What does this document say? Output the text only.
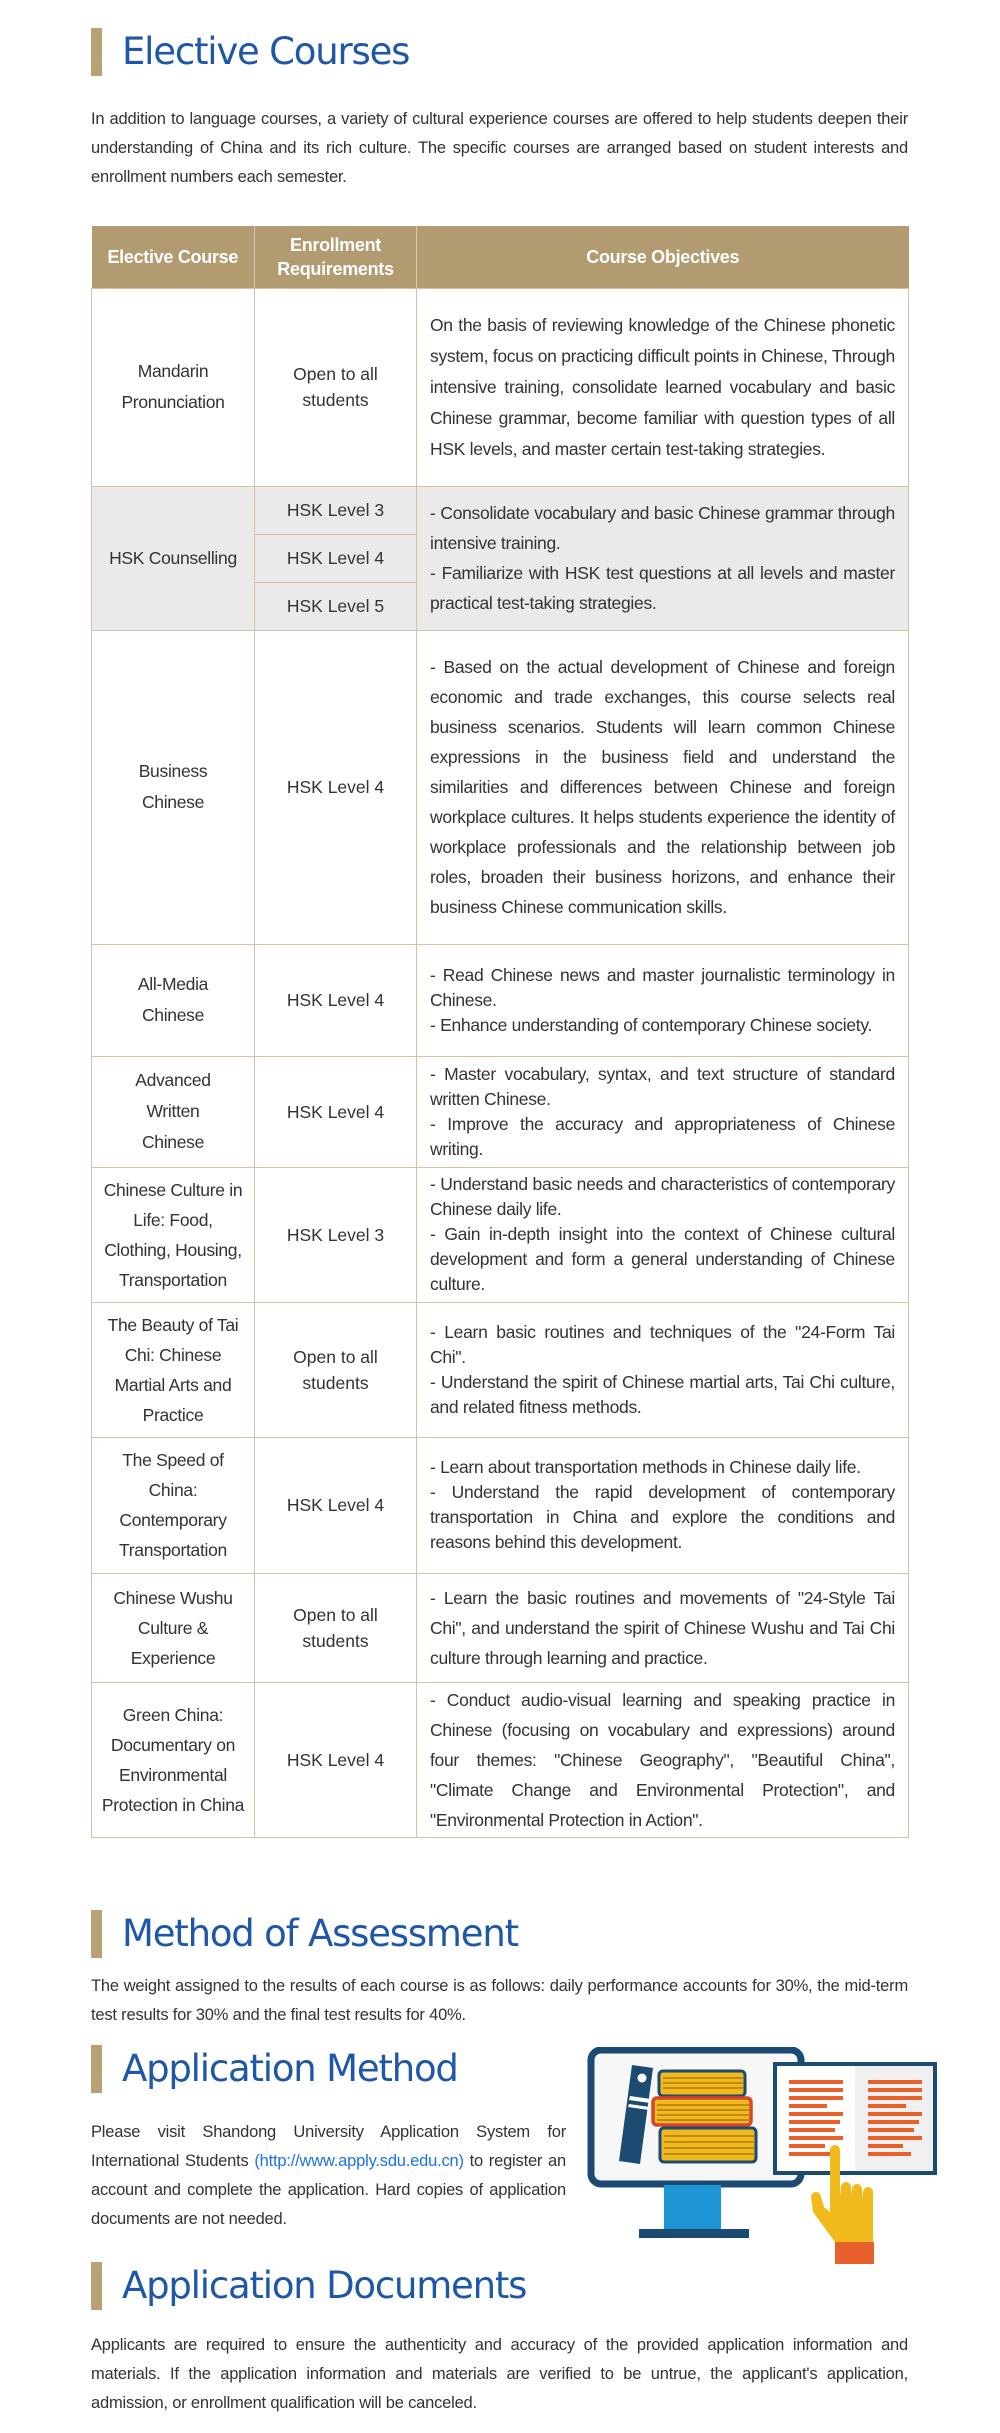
Elective Courses

In addition to language courses, a variety of cultural experience courses are offered to help students deepen their understanding of China and its rich culture. The specific courses are arranged based on student interests and enrollment numbers each semester.

Elective Course	Enrollment Requirements	Course Objectives
Mandarin Pronunciation	Open to all students	On the basis of reviewing knowledge of the Chinese phonetic system, focus on practicing difficult points in Chinese, Through intensive training, consolidate learned vocabulary and basic Chinese grammar, become familiar with question types of all HSK levels, and master certain test-taking strategies.
HSK Counselling	HSK Level 3	- Consolidate vocabulary and basic Chinese grammar through intensive training.
- Familiarize with HSK test questions at all levels and master practical test-taking strategies.

	HSK Level 4	
	HSK Level 5	
Business Chinese	HSK Level 4	- Based on the actual development of Chinese and foreign economic and trade exchanges, this course selects real business scenarios. Students will learn common Chinese expressions in the business field and understand the similarities and differences between Chinese and foreign workplace cultures. It helps students experience the identity of workplace professionals and the relationship between job roles, broaden their business horizons, and enhance their business Chinese communication skills.
All-Media Chinese	HSK Level 4	- Read Chinese news and master journalistic terminology in Chinese.
- Enhance understanding of contemporary Chinese society.

Advanced Written Chinese	HSK Level 4	- Master vocabulary, syntax, and text structure of standard written Chinese.
- Improve the accuracy and appropriateness of Chinese writing.

Chinese Culture in Life: Food, Clothing, Housing, Transportation	HSK Level 3	- Understand basic needs and characteristics of contemporary Chinese daily life.
- Gain in-depth insight into the context of Chinese cultural development and form a general understanding of Chinese culture.

The Beauty of Tai Chi: Chinese Martial Arts and Practice	Open to all students	- Learn basic routines and techniques of the "24-Form Tai Chi".
- Understand the spirit of Chinese martial arts, Tai Chi culture, and related fitness methods.

The Speed of China: Contemporary Transportation	HSK Level 4	- Learn about transportation methods in Chinese daily life.
- Understand the rapid development of contemporary transportation in China and explore the conditions and reasons behind this development.

Chinese Wushu Culture & Experience	Open to all students	- Learn the basic routines and movements of "24-Style Tai Chi", and understand the spirit of Chinese Wushu and Tai Chi culture through learning and practice.
Green China: Documentary on Environmental Protection in China	HSK Level 4	- Conduct audio-visual learning and speaking practice in Chinese (focusing on vocabulary and expressions) around four themes: "Chinese Geography", "Beautiful China", "Climate Change and Environmental Protection", and "Environmental Protection in Action".
Method of Assessment

The weight assigned to the results of each course is as follows: daily performance accounts for 30%, the mid-term test results for 30% and the final test results for 40%.

Application Method

Please visit Shandong University Application System for International Students (http://www.apply.sdu.edu.cn) to register an account and complete the application. Hard copies of application documents are not needed.

Application Documents

Applicants are required to ensure the authenticity and accuracy of the provided application information and materials. If the application information and materials are verified to be untrue, the applicant's application, admission, or enrollment qualification will be canceled.
